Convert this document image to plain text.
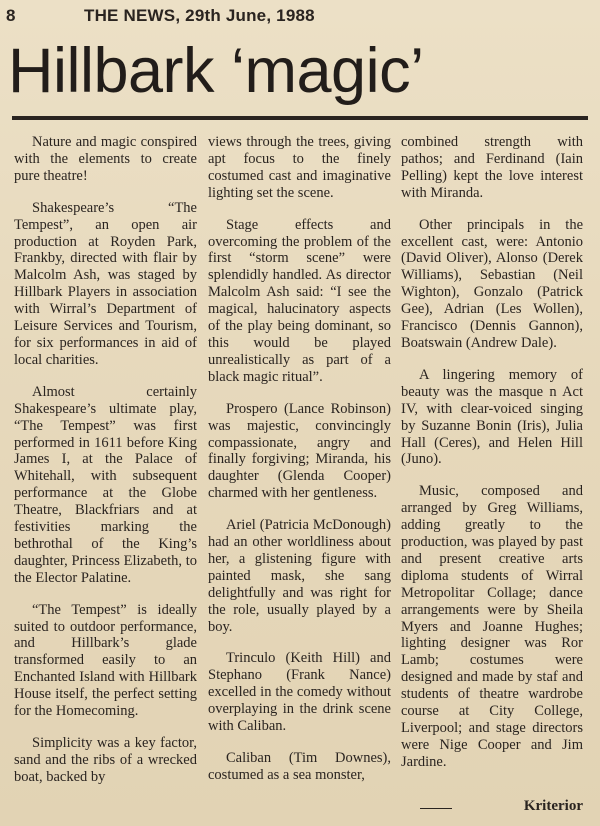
8	THE NEWS, 29th June, 1988
Hillbark ‘magic’

Nature and magic conspired with the elements to create pure theatre!

Shakespeare’s “The Tempest”, an open air production at Royden Park, Frankby, directed with flair by Malcolm Ash, was staged by Hillbark Players in association with Wirral’s Department of Leisure Services and Tourism, for six performances in aid of local charities.

Almost certainly Shakespeare’s ultimate play, “The Tempest” was first performed in 1611 before King James I, at the Palace of Whitehall, with subsequent performance at the Globe Theatre, Blackfriars and at festivities marking the bethrothal of the King’s daughter, Princess Elizabeth, to the Elector Palatine.

“The Tempest” is ideally suited to outdoor performance, and Hillbark’s glade transformed easily to an Enchanted Island with Hillbark House itself, the perfect setting for the Homecoming.

Simplicity was a key factor, sand and the ribs of a wrecked boat, backed by

views through the trees, giving apt focus to the finely costumed cast and imaginative lighting set the scene.

Stage effects and overcoming the problem of the first “storm scene” were splendidly handled. As director Malcolm Ash said: “I see the magical, halucinatory aspects of the play being dominant, so this would be played unrealistically as part of a black magic ritual”.

Prospero (Lance Robinson) was majestic, convincingly compassionate, angry and finally forgiving; Miranda, his daughter (Glenda Cooper) charmed with her gentleness.

Ariel (Patricia McDonough) had an other worldliness about her, a glistening figure with painted mask, she sang delightfully and was right for the role, usually played by a boy.

Trinculo (Keith Hill) and Stephano (Frank Nance) excelled in the comedy without overplaying in the drink scene with Caliban.

Caliban (Tim Downes), costumed as a sea monster,

combined strength with pathos; and Ferdinand (Iain Pelling) kept the love interest with Miranda.

Other principals in the excellent cast, were: Antonio (David Oliver), Alonso (Derek Williams), Sebastian (Neil Wighton), Gonzalo (Patrick Gee), Adrian (Les Wollen), Francisco (Dennis Gannon), Boatswain (Andrew Dale).

A lingering memory of beauty was the masque n Act IV, with clear-voiced singing by Suzanne Bonin (Iris), Julia Hall (Ceres), and Helen Hill (Juno).

Music, composed and arranged by Greg Williams, adding greatly to the production, was played by past and present creative arts diploma students of Wirral Metropolitar Collage; dance arrangements were by Sheila Myers and Joanne Hughes; lighting designer was Ror Lamb; costumes were designed and made by staf and students of theatre wardrobe course at City College, Liverpool; and stage directors were Nige Cooper and Jim Jardine.

Kriterior
